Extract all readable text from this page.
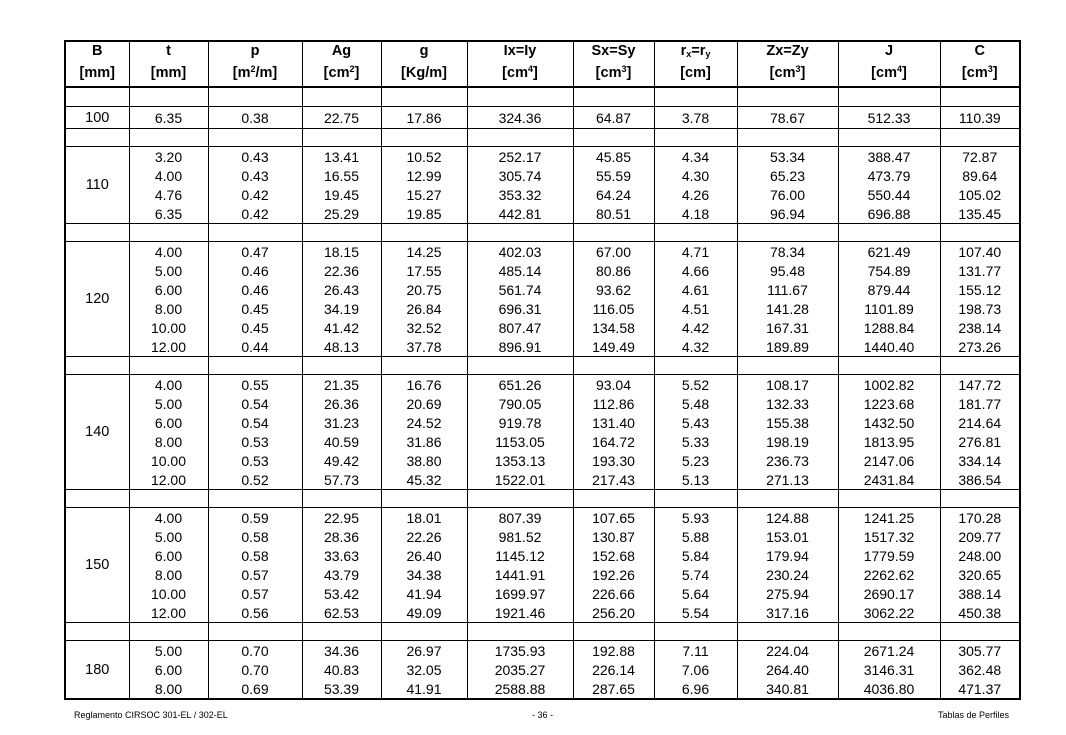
B	t	p	Ag	g	Ix=Iy	Sx=Sy	$r_x=r_y$	Zx=Zy	J	C
[mm]	[mm]	$[m^2/m]$	$[cm^2]$	[Kg/m]	$[cm^4]$	$[cm^3]$	[cm]	$[cm^3]$	$[cm^4]$	$[cm^3]$

100	6.35	0.38	22.75	17.86	324.36	64.87	3.78	78.67	512.33	110.39

110	3.20	0.43	13.41	10.52	252.17	45.85	4.34	53.34	388.47	72.87
	4.00	0.43	16.55	12.99	305.74	55.59	4.30	65.23	473.79	89.64
	4.76	0.42	19.45	15.27	353.32	64.24	4.26	76.00	550.44	105.02
	6.35	0.42	25.29	19.85	442.81	80.51	4.18	96.94	696.88	135.45

120	4.00	0.47	18.15	14.25	402.03	67.00	4.71	78.34	621.49	107.40
	5.00	0.46	22.36	17.55	485.14	80.86	4.66	95.48	754.89	131.77
	6.00	0.46	26.43	20.75	561.74	93.62	4.61	111.67	879.44	155.12
	8.00	0.45	34.19	26.84	696.31	116.05	4.51	141.28	1101.89	198.73
	10.00	0.45	41.42	32.52	807.47	134.58	4.42	167.31	1288.84	238.14
	12.00	0.44	48.13	37.78	896.91	149.49	4.32	189.89	1440.40	273.26

140	4.00	0.55	21.35	16.76	651.26	93.04	5.52	108.17	1002.82	147.72
	5.00	0.54	26.36	20.69	790.05	112.86	5.48	132.33	1223.68	181.77
	6.00	0.54	31.23	24.52	919.78	131.40	5.43	155.38	1432.50	214.64
	8.00	0.53	40.59	31.86	1153.05	164.72	5.33	198.19	1813.95	276.81
	10.00	0.53	49.42	38.80	1353.13	193.30	5.23	236.73	2147.06	334.14
	12.00	0.52	57.73	45.32	1522.01	217.43	5.13	271.13	2431.84	386.54

150	4.00	0.59	22.95	18.01	807.39	107.65	5.93	124.88	1241.25	170.28
	5.00	0.58	28.36	22.26	981.52	130.87	5.88	153.01	1517.32	209.77
	6.00	0.58	33.63	26.40	1145.12	152.68	5.84	179.94	1779.59	248.00
	8.00	0.57	43.79	34.38	1441.91	192.26	5.74	230.24	2262.62	320.65
	10.00	0.57	53.42	41.94	1699.97	226.66	5.64	275.94	2690.17	388.14
	12.00	0.56	62.53	49.09	1921.46	256.20	5.54	317.16	3062.22	450.38

180	5.00	0.70	34.36	26.97	1735.93	192.88	7.11	224.04	2671.24	305.77
	6.00	0.70	40.83	32.05	2035.27	226.14	7.06	264.40	3146.31	362.48
	8.00	0.69	53.39	41.91	2588.88	287.65	6.96	340.81	4036.80	471.37
Reglamento CIRSOC 301-EL / 302-EL	- 36 -	Tablas de Perfiles
